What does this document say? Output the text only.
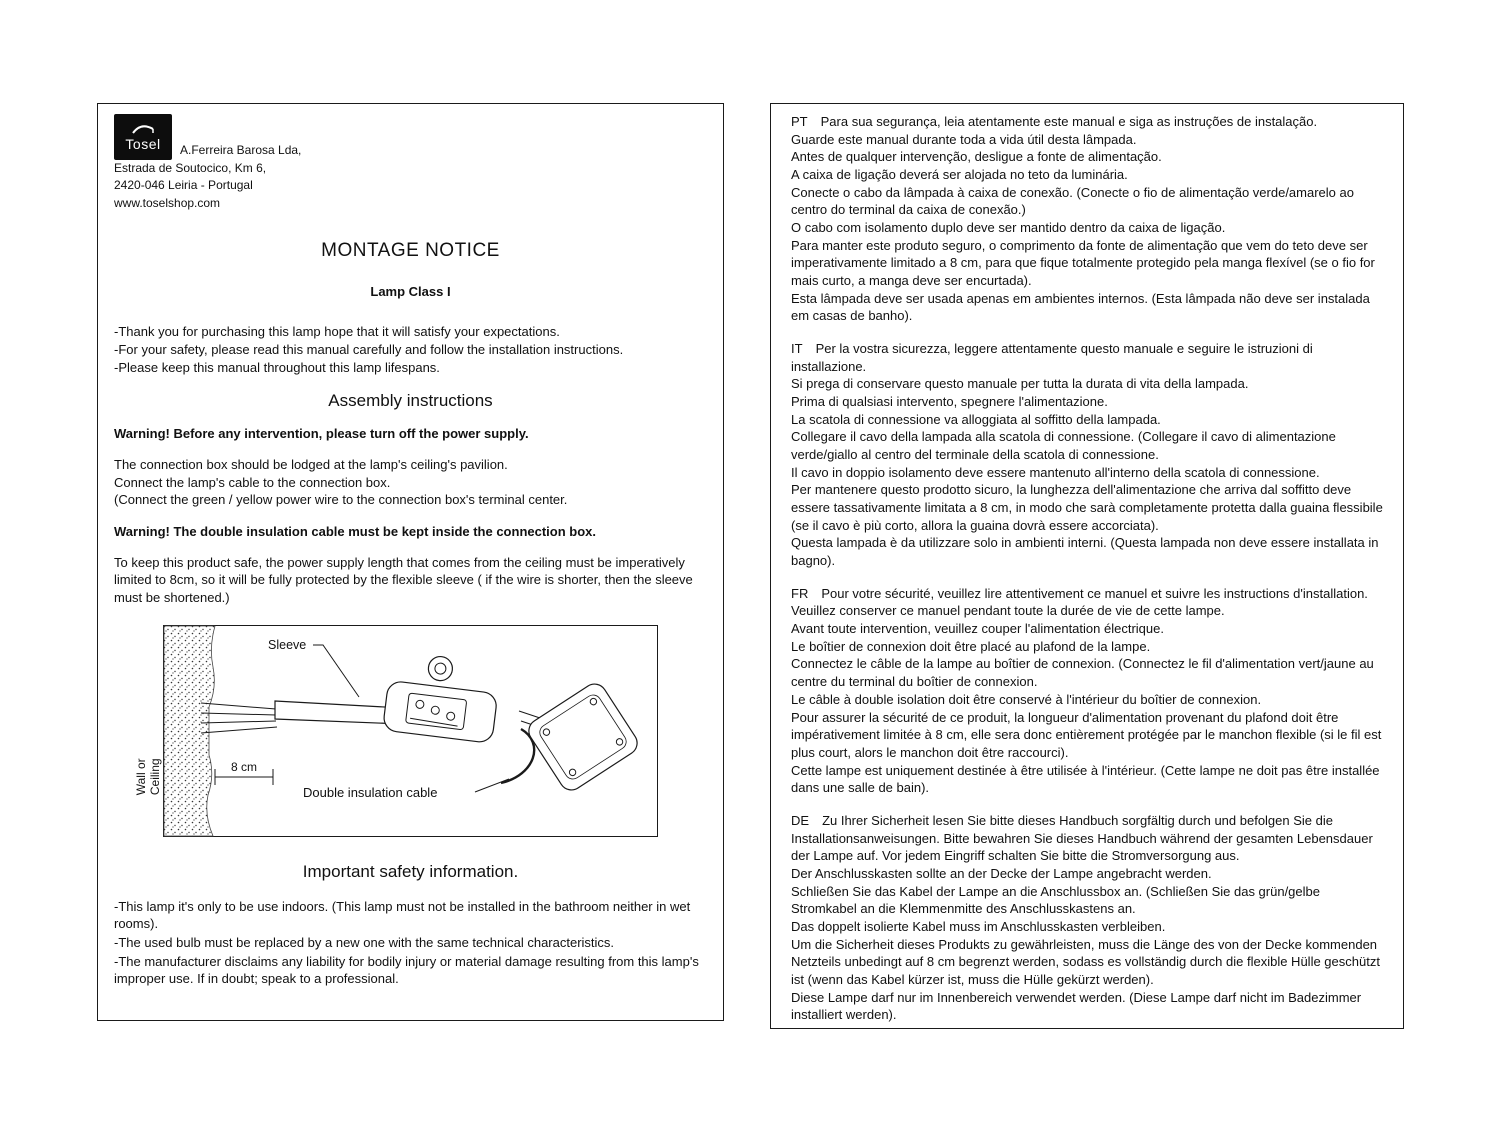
Tosel A.Ferreira Barosa Lda,
Estrada de Soutocico, Km 6,
2420-046 Leiria - Portugal
www.toselshop.com
MONTAGE NOTICE
Lamp Class I
-Thank you for purchasing this lamp hope that it will satisfy your expectations.
-For your safety, please read this manual carefully and follow the installation instructions.
-Please keep this manual throughout this lamp lifespans.
Assembly instructions
Warning! Before any intervention, please turn off the power supply.
The connection box should be lodged at the lamp's ceiling's pavilion.
Connect the lamp's cable to the connection box.
(Connect the green / yellow power wire to the connection box's terminal center.
Warning! The double insulation cable must be kept inside the connection box.
To keep this product safe, the power supply length that comes from the ceiling must be imperatively limited to 8cm, so it will be fully protected by the flexible sleeve ( if the wire is shorter, then the sleeve must be shortened.)
Wall or Ceiling	8 cm
Sleeve
Double insulation cable
Important safety information.
-This lamp it's only to be use indoors. (This lamp must not be installed in the bathroom neither in wet rooms).
-The used bulb must be replaced by a new one with the same technical characteristics.
-The manufacturer disclaims any liability for bodily injury or material damage resulting from this lamp's improper use. If in doubt; speak to a professional.
PT Para sua segurança, leia atentamente este manual e siga as instruções de instalação.
Guarde este manual durante toda a vida útil desta lâmpada.
Antes de qualquer intervenção, desligue a fonte de alimentação.
A caixa de ligação deverá ser alojada no teto da luminária.
Conecte o cabo da lâmpada à caixa de conexão. (Conecte o fio de alimentação verde/amarelo ao centro do terminal da caixa de conexão.)
O cabo com isolamento duplo deve ser mantido dentro da caixa de ligação.
Para manter este produto seguro, o comprimento da fonte de alimentação que vem do teto deve ser imperativamente limitado a 8 cm, para que fique totalmente protegido pela manga flexível (se o fio for mais curto, a manga deve ser encurtada).
Esta lâmpada deve ser usada apenas em ambientes internos. (Esta lâmpada não deve ser instalada em casas de banho).
IT Per la vostra sicurezza, leggere attentamente questo manuale e seguire le istruzioni di installazione.
Si prega di conservare questo manuale per tutta la durata di vita della lampada.
Prima di qualsiasi intervento, spegnere l'alimentazione.
La scatola di connessione va alloggiata al soffitto della lampada.
Collegare il cavo della lampada alla scatola di connessione. (Collegare il cavo di alimentazione verde/giallo al centro del terminale della scatola di connessione.
Il cavo in doppio isolamento deve essere mantenuto all'interno della scatola di connessione.
Per mantenere questo prodotto sicuro, la lunghezza dell'alimentazione che arriva dal soffitto deve essere tassativamente limitata a 8 cm, in modo che sarà completamente protetta dalla guaina flessibile (se il cavo è più corto, allora la guaina dovrà essere accorciata).
Questa lampada è da utilizzare solo in ambienti interni. (Questa lampada non deve essere installata in bagno).
FR Pour votre sécurité, veuillez lire attentivement ce manuel et suivre les instructions d'installation. Veuillez conserver ce manuel pendant toute la durée de vie de cette lampe.
Avant toute intervention, veuillez couper l'alimentation électrique.
Le boîtier de connexion doit être placé au plafond de la lampe.
Connectez le câble de la lampe au boîtier de connexion. (Connectez le fil d'alimentation vert/jaune au centre du terminal du boîtier de connexion.
Le câble à double isolation doit être conservé à l'intérieur du boîtier de connexion.
Pour assurer la sécurité de ce produit, la longueur d'alimentation provenant du plafond doit être impérativement limitée à 8 cm, elle sera donc entièrement protégée par le manchon flexible (si le fil est plus court, alors le manchon doit être raccourci).
Cette lampe est uniquement destinée à être utilisée à l'intérieur. (Cette lampe ne doit pas être installée dans une salle de bain).
DE Zu Ihrer Sicherheit lesen Sie bitte dieses Handbuch sorgfältig durch und befolgen Sie die Installationsanweisungen. Bitte bewahren Sie dieses Handbuch während der gesamten Lebensdauer der Lampe auf. Vor jedem Eingriff schalten Sie bitte die Stromversorgung aus.
Der Anschlusskasten sollte an der Decke der Lampe angebracht werden.
Schließen Sie das Kabel der Lampe an die Anschlussbox an. (Schließen Sie das grün/gelbe Stromkabel an die Klemmenmitte des Anschlusskastens an.
Das doppelt isolierte Kabel muss im Anschlusskasten verbleiben.
Um die Sicherheit dieses Produkts zu gewährleisten, muss die Länge des von der Decke kommenden Netzteils unbedingt auf 8 cm begrenzt werden, sodass es vollständig durch die flexible Hülle geschützt ist (wenn das Kabel kürzer ist, muss die Hülle gekürzt werden).
Diese Lampe darf nur im Innenbereich verwendet werden. (Diese Lampe darf nicht im Badezimmer installiert werden).
